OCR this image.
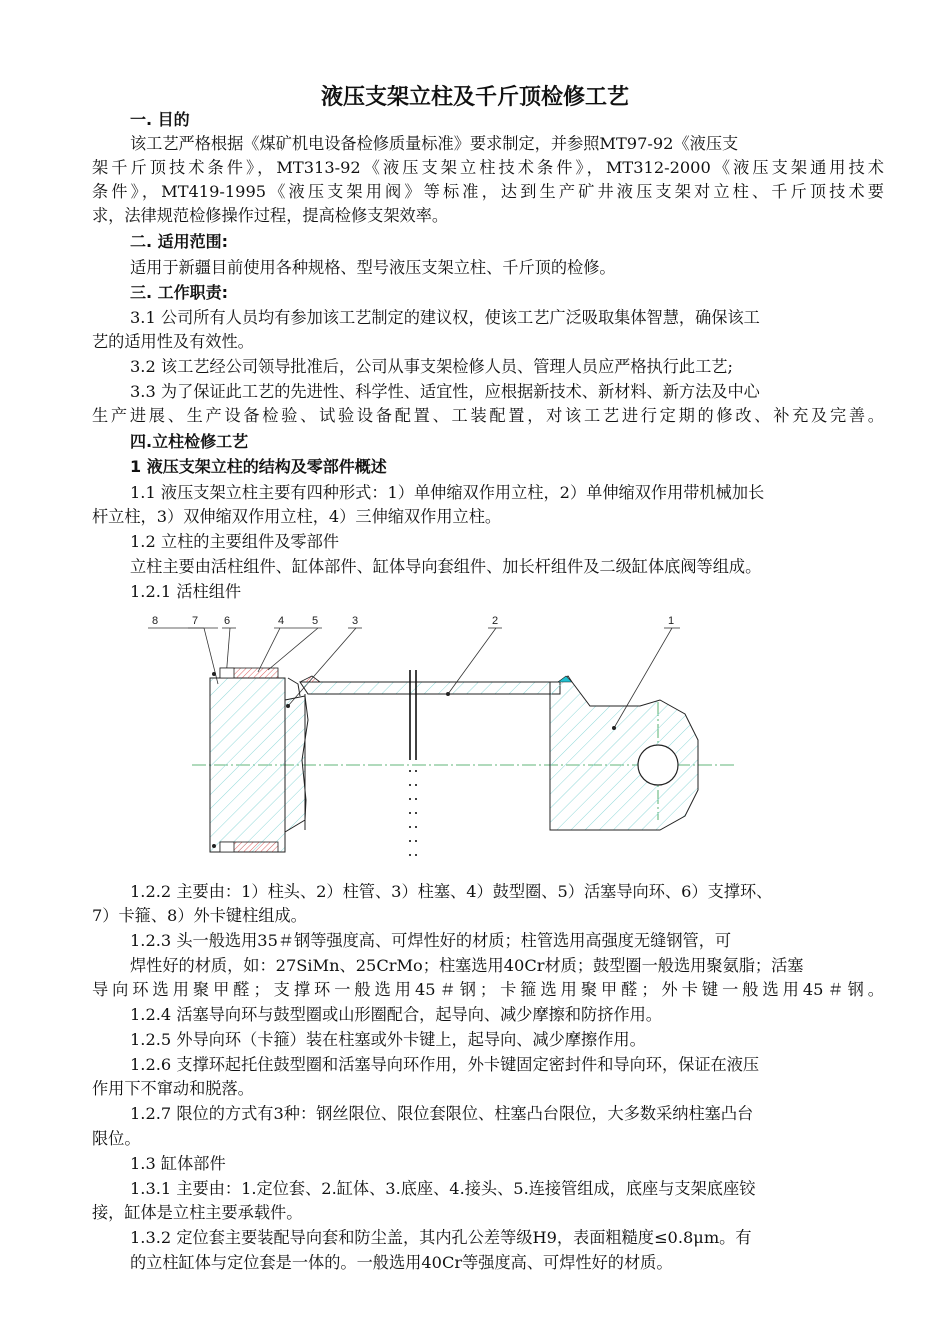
液压支架立柱及千斤顶检修工艺
一. 目的
该工艺严格根据《煤矿机电设备检修质量标准》要求制定，并参照MT97-92《液压支
架千斤顶技术条件》，MT313-92《液压支架立柱技术条件》，MT312-2000《液压支架通用技术
条件》，MT419-1995《液压支架用阀》等标准，达到生产矿井液压支架对立柱、千斤顶技术要
求，法律规范检修操作过程，提高检修支架效率。
二. 适用范围:
适用于新疆目前使用各种规格、型号液压支架立柱、千斤顶的检修。
三. 工作职责:
3.1 公司所有人员均有参加该工艺制定的建议权，使该工艺广泛吸取集体智慧，确保该工
艺的适用性及有效性。
3.2 该工艺经公司领导批准后，公司从事支架检修人员、管理人员应严格执行此工艺;
3.3 为了保证此工艺的先进性、科学性、适宜性，应根据新技术、新材料、新方法及中心
生产进展、生产设备检验、试验设备配置、工装配置，对该工艺进行定期的修改、补充及完善。
四.立柱检修工艺
1 液压支架立柱的结构及零部件概述
1.1 液压支架立柱主要有四种形式：1）单伸缩双作用立柱，2）单伸缩双作用带机械加长
杆立柱，3）双伸缩双作用立柱，4）三伸缩双作用立柱。
1.2 立柱的主要组件及零部件
立柱主要由活柱组件、缸体部件、缸体导向套组件、加长杆组件及二级缸体底阀等组成。
1.2.1 活柱组件
8	7 6	4	5	3	2	1
1.2.2 主要由：1）柱头、2）柱管、3）柱塞、4）鼓型圈、5）活塞导向环、6）支撑环、
7）卡箍、8）外卡键柱组成。
1.2.3 头一般选用35＃钢等强度高、可焊性好的材质；柱管选用高强度无缝钢管，可
焊性好的材质，如：27SiMn、25CrMo；柱塞选用40Cr材质；鼓型圈一般选用聚氨脂；活塞
导向环选用聚甲醛；支撑环一般选用45＃钢；卡箍选用聚甲醛；外卡键一般选用45＃钢。
1.2.4 活塞导向环与鼓型圈或山形圈配合，起导向、减少摩擦和防挤作用。
1.2.5 外导向环（卡箍）装在柱塞或外卡键上，起导向、减少摩擦作用。
1.2.6 支撑环起托住鼓型圈和活塞导向环作用，外卡键固定密封件和导向环，保证在液压
作用下不窜动和脱落。
1.2.7 限位的方式有3种：钢丝限位、限位套限位、柱塞凸台限位，大多数采纳柱塞凸台
限位。
1.3 缸体部件
1.3.1 主要由：1.定位套、2.缸体、3.底座、4.接头、5.连接管组成，底座与支架底座铰
接，缸体是立柱主要承载件。
1.3.2 定位套主要装配导向套和防尘盖，其内孔公差等级H9，表面粗糙度≤0.8μm。有
的立柱缸体与定位套是一体的。一般选用40Cr等强度高、可焊性好的材质。
